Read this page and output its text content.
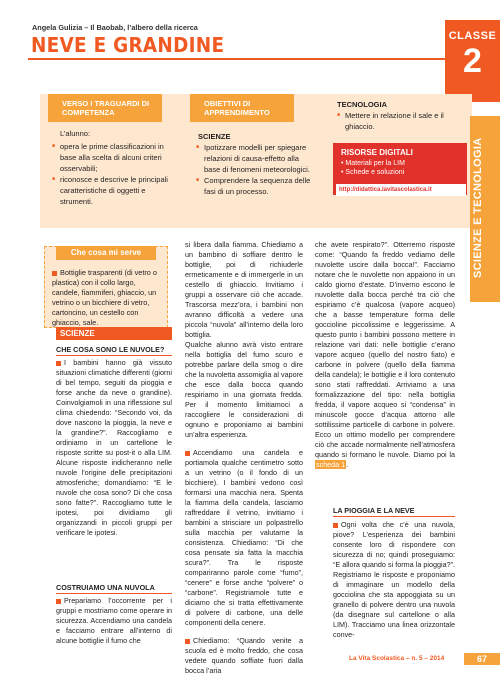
Angela Gulizia – Il Baobab, l’albero della ricerca
NEVE E GRANDINE	CLASSE
2
VERSO I TRAGUARDI DI COMPETENZA
OBIETTIVI DI APPRENDIMENTO
L’alunno:
■ opera le prime classificazioni in base alla scelta di alcuni criteri osservabili;
■ riconosce e descrive le principali caratteristiche di oggetti e strumenti.
SCIENZE
■ Ipotizzare modelli per spiegare relazioni di causa-effetto alla base di fenomeni meteorologici.
■ Comprendere la sequenza delle fasi di un processo.
TECNOLOGIA
■ Mettere in relazione il sale e il ghiaccio.
RISORSE DIGITALI
• Materiali per la LIM
• Schede e soluzioni
http://didattica.lavitascolastica.it	SCIENZE E TECNOLOGIA
Che cosa mi serve
Bottiglie trasparenti (di vetro o plastica) con il collo largo, candele, fiammiferi, ghiaccio, un vetrino o un bicchiere di vetro, cartoncino, un cestello con ghiaccio, sale.
SCIENZE
CHE COSA SONO LE NUVOLE?
I bambini hanno già vissuto situazioni climatiche differenti (giorni di bel tempo, seguiti da pioggia e forse anche da neve o grandine). Coinvolgiamoli in una riflessione sul clima chiedendo: “Secondo voi, da dove nascono la pioggia, la neve e la grandine?”. Raccogliamo e ordiniamo in un cartellone le risposte scritte su post-it o alla LIM. Alcune risposte indicheranno nelle nuvole l’origine delle precipitazioni atmosferiche; domandiamo: “E le nuvole che cosa sono? Di che cosa sono fatte?”. Raccogliamo tutte le ipotesi, poi dividiamo gli organizzandi in piccoli gruppi per verificare le ipotesi.
COSTRUIAMO UNA NUVOLA
Prepariamo l’occorrente per i gruppi e mostriamo come operare in sicurezza. Accendiamo una candela e facciamo entrare all’interno di alcune bottiglie il fumo che
si libera dalla fiamma. Chiediamo a un bambino di soffiare dentro le bottiglie, poi di richiuderle ermeticamente e di immergerle in un cestello di ghiaccio. Invitiamo i gruppi a osservare ciò che accade. Trascorsa mezz’ora, i bambini non avranno difficoltà a vedere una piccola “nuvola” all’interno della loro bottiglia.
Qualche alunno avrà visto entrare nella bottiglia del fumo scuro e potrebbe parlare della smog o dire che la nuvoletta assomiglia al vapore che esce dalla bocca quando respiriamo in una giornata fredda. Per il momento limitiamoci a raccogliere le considerazioni di ognuno e proponiamo ai bambini un’altra esperienza.
Accendiamo una candela e portiamola qualche centimetro sotto a un vetrino (o il fondo di un bicchiere). I bambini vedono così formarsi una macchia nera. Spenta la fiamma della candela, lasciamo raffreddare il vetrino, invitiamo i bambini a strisciare un polpastrello sulla macchia per valutarne la consistenza. Chiediamo: “Di che cosa pensate sia fatta la macchia scura?”. Tra le risposte compariranno parole come “fumo”, “cenere” e forse anche “polvere” o “carbone”. Registriamole tutte e diciamo che si tratta effettivamente di polvere di carbone, una delle componenti della cenere.
Chiediamo: “Quando venite a scuola ed è molto freddo, che cosa vedete quando soffiate fuori dalla bocca l’aria
che avete respirato?”. Otterremo risposte come: “Quando fa freddo vediamo delle nuvolette uscire dalla bocca!”. Facciamo notare che le nuvolette non appaiono in un caldo giorno d’estate. D’inverno escono le nuvolette dalla bocca perché tra ciò che espiriamo c’è qualcosa (vapore acqueo) che a basse temperature forma delle goccioline piccolissime e leggerissime. A questo punto i bambini possono mettere in relazione vari dati: nelle bottiglie c’erano vapore acqueo (quello del nostro fiato) e carbone in polvere (quello della fiamma della candela); le bottiglie e il loro contenuto sono stati raffreddati. Arriviamo a una formalizzazione del tipo: nella bottiglia fredda, il vapore acqueo si “condensa” in minuscole gocce d’acqua attorno alle sottilissime particelle di carbone in polvere. Ecco un ottimo modello per comprendere ciò che accade normalmente nell’atmosfera quando si formano le nuvole. Diamo poi la scheda 1.
LA PIOGGIA E LA NEVE
Ogni volta che c’è una nuvola, piove? L’esperienza dei bambini consente loro di rispondere con sicurezza di no; quindi proseguiamo: “E allora quando si forma la pioggia?”. Registriamo le risposte e proponiamo di immaginare un modello della gocciolina che sta appoggiata su un granello di polvere dentro una nuvola (da disegnare sul cartellone o alla LIM). Tracciamo una linea orizzontale conve-
La Vita Scolastica – n. 5 – 2014	67
